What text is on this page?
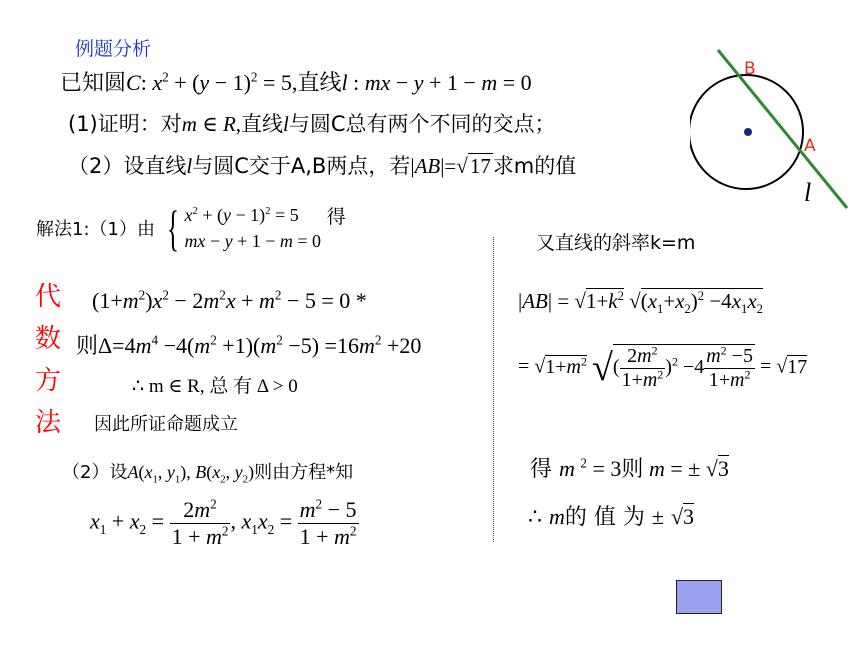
例题分析
已知圆C: $x^2 + (y - 1)^2 = 5$,直线l : mx − y + 1 − m = 0
(1)证明：对m ∈ R,直线l与圆C总有两个不同的交点；
（2）设直线l与圆C交于A,B两点，若|AB|=√17求m的值
B
A
l
解法1:（1）由 { $x^2 + (y - 1)^2 = 5$
mx − y + 1 − m = 0
得
代
数
方
法
$(1+m^2)x^2 - 2m^2x + m^2 - 5 = 0$ *
则$\Delta=4m^4 -4(m^2 +1)(m^2 -5) =16m^2 +20$
∴ m ∈ R, 总 有 Δ > 0
因此所证命题成立
（2）设$A(x_1$, $y_1$), $B(x_2$, $y_2$)则由方程*知
$x_1 + x_2 = \frac{2m^2}{1 + m^2}$ , $x_1x_2 = \frac{m^2 - 5}{1 + m^2}$
又直线的斜率k=m
$|AB| = √1+k^2$ $√(x_1+x_2)^2 -4x_1x_2$
= $√1+m^2$ √( $\frac{2m^2}{1+m^2} )^2 -4 \frac{m^2 -5}{1+m^2} = √17$
得 m $^2$ = 3则 m = ± √3
∴ m的 值 为 ± √3
